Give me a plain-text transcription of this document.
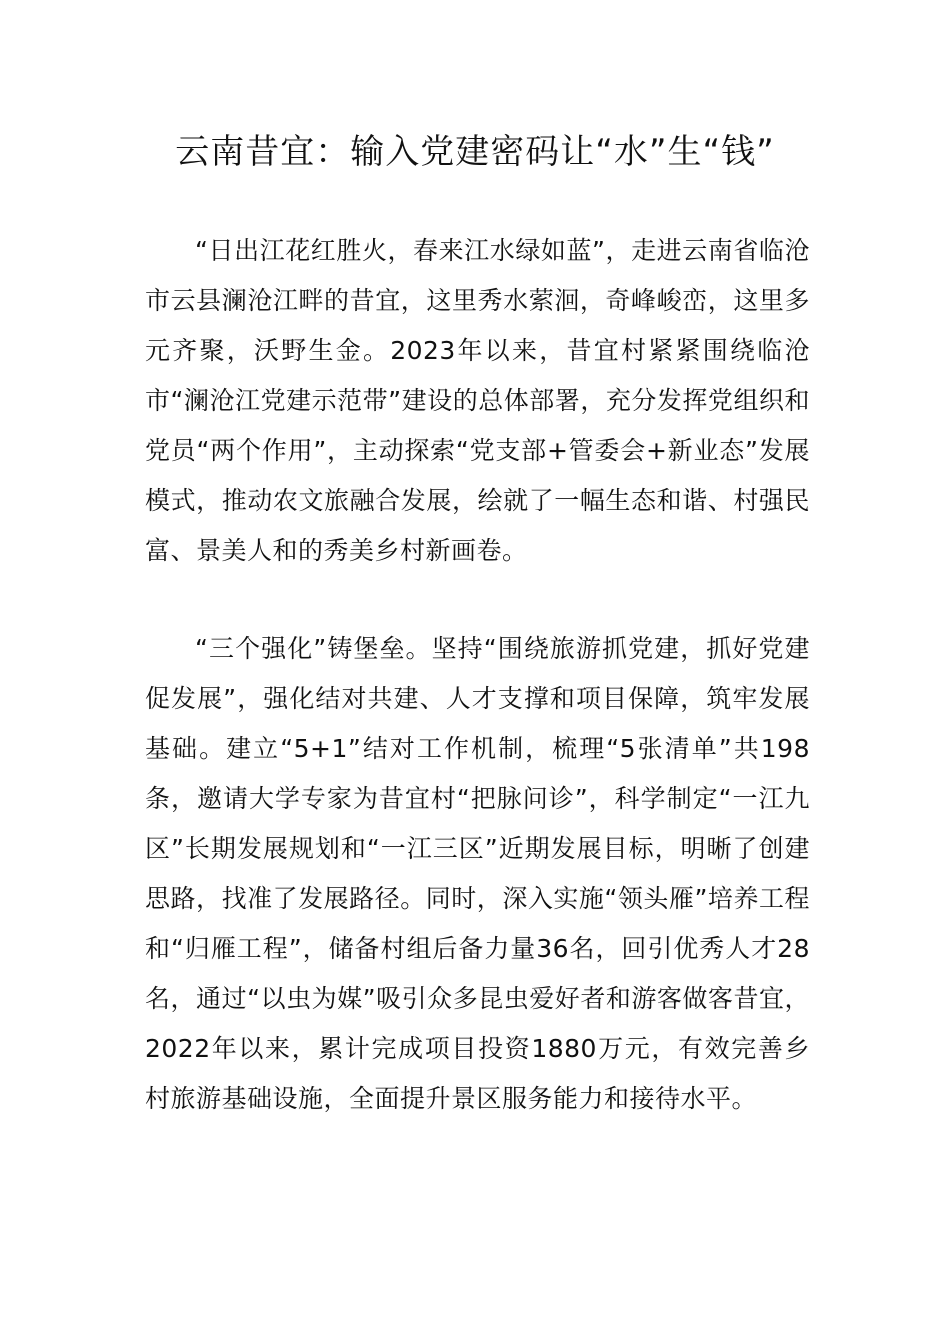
云南昔宜：输入党建密码让“水”生“钱”

“日出江花红胜火，春来江水绿如蓝”，走进云南省临沧市云县澜沧江畔的昔宜，这里秀水萦洄，奇峰峻峦，这里多元齐聚，沃野生金。2023年以来，昔宜村紧紧围绕临沧市“澜沧江党建示范带”建设的总体部署，充分发挥党组织和党员“两个作用”，主动探索“党支部+管委会+新业态”发展模式，推动农文旅融合发展，绘就了一幅生态和谐、村强民富、景美人和的秀美乡村新画卷。

“三个强化”铸堡垒。坚持“围绕旅游抓党建，抓好党建促发展”，强化结对共建、人才支撑和项目保障，筑牢发展基础。建立“5+1”结对工作机制，梳理“5张清单”共198条，邀请大学专家为昔宜村“把脉问诊”，科学制定“一江九区”长期发展规划和“一江三区”近期发展目标，明晰了创建思路，找准了发展路径。同时，深入实施“领头雁”培养工程和“归雁工程”，储备村组后备力量36名，回引优秀人才28名，通过“以虫为媒”吸引众多昆虫爱好者和游客做客昔宜，2022年以来，累计完成项目投资1880万元，有效完善乡村旅游基础设施，全面提升景区服务能力和接待水平。
